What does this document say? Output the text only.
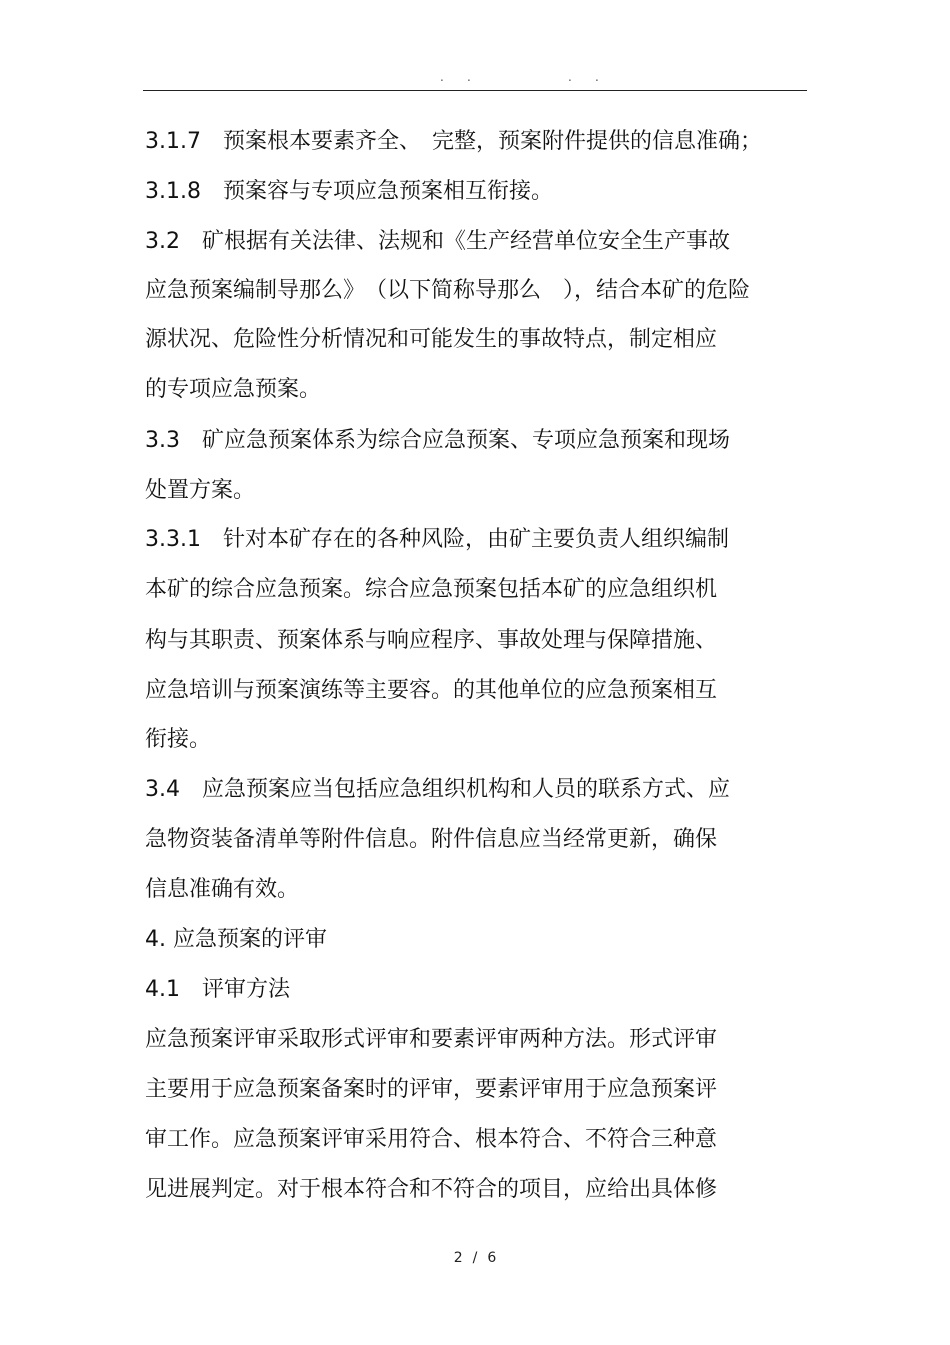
. .	. .
3.1.7　预案根本要素齐全、　完整，预案附件提供的信息准确；
3.1.8　预案容与专项应急预案相互衔接。
3.2　矿根据有关法律、法规和《生产经营单位安全生产事故
应急预案编制导那么》　（以下简称导那么　），结合本矿的危险
源状况、危险性分析情况和可能发生的事故特点，制定相应
的专项应急预案。
3.3　矿应急预案体系为综合应急预案、专项应急预案和现场
处置方案。
3.3.1　针对本矿存在的各种风险，由矿主要负责人组织编制
本矿的综合应急预案。综合应急预案包括本矿的应急组织机
构与其职责、预案体系与响应程序、事故处理与保障措施、
应急培训与预案演练等主要容。的其他单位的应急预案相互
衔接。
3.4　应急预案应当包括应急组织机构和人员的联系方式、应
急物资装备清单等附件信息。附件信息应当经常更新，确保
信息准确有效。
4. 应急预案的评审
4.1　评审方法
应急预案评审采取形式评审和要素评审两种方法。形式评审
主要用于应急预案备案时的评审，要素评审用于应急预案评
审工作。应急预案评审采用符合、根本符合、不符合三种意
见进展判定。对于根本符合和不符合的项目，应给出具体修
2 / 6
